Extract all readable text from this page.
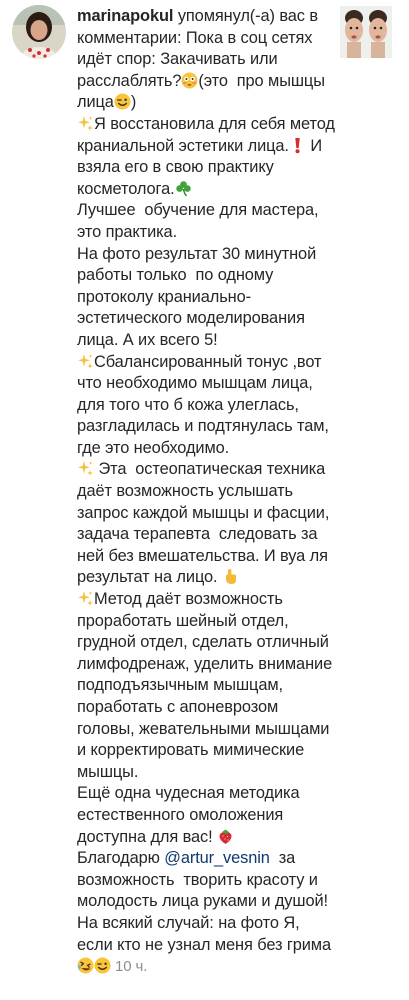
marinapokul упомянул(-а) вас в комментарии: Пока в соц сетях идёт спор: Закачивать или расслаблять? (это  про мышцы лица )

Я восстановила для себя метод краниальной эстетики лица.
И взяла его в свою практику косметолога.

Лучшее  обучение для мастера, это практика.
На фото результат 30 минутной работы только  по одному протоколу краниально-эстетического моделирования лица. А их всего 5!

Сбалансированный тонус ,вот что необходимо мышцам лица, для того что б кожа улеглась, разгладилась и подтянулась там, где это необходимо.

Эта  остеопатическая техника даёт возможность услышать запрос каждой мышцы и фасции, задача терапевта  следовать за ней без вмешательства. И вуа ля результат на лицо.

Метод даёт возможность проработать шейный отдел, грудной отдел, сделать отличный лимфодренаж, уделить внимание подподъязычным мышцам, поработать с апоневрозом головы, жевательными мышцами и корректировать мимические мышцы.
Ещё одна чудесная методика естественного омоложения доступна для вас!

Благодарю @artur_vesnin  за возможность  творить красоту и молодость лица руками и душой!
На всякий случай: на фото Я, если кто не узнал меня без грима
10 ч.
